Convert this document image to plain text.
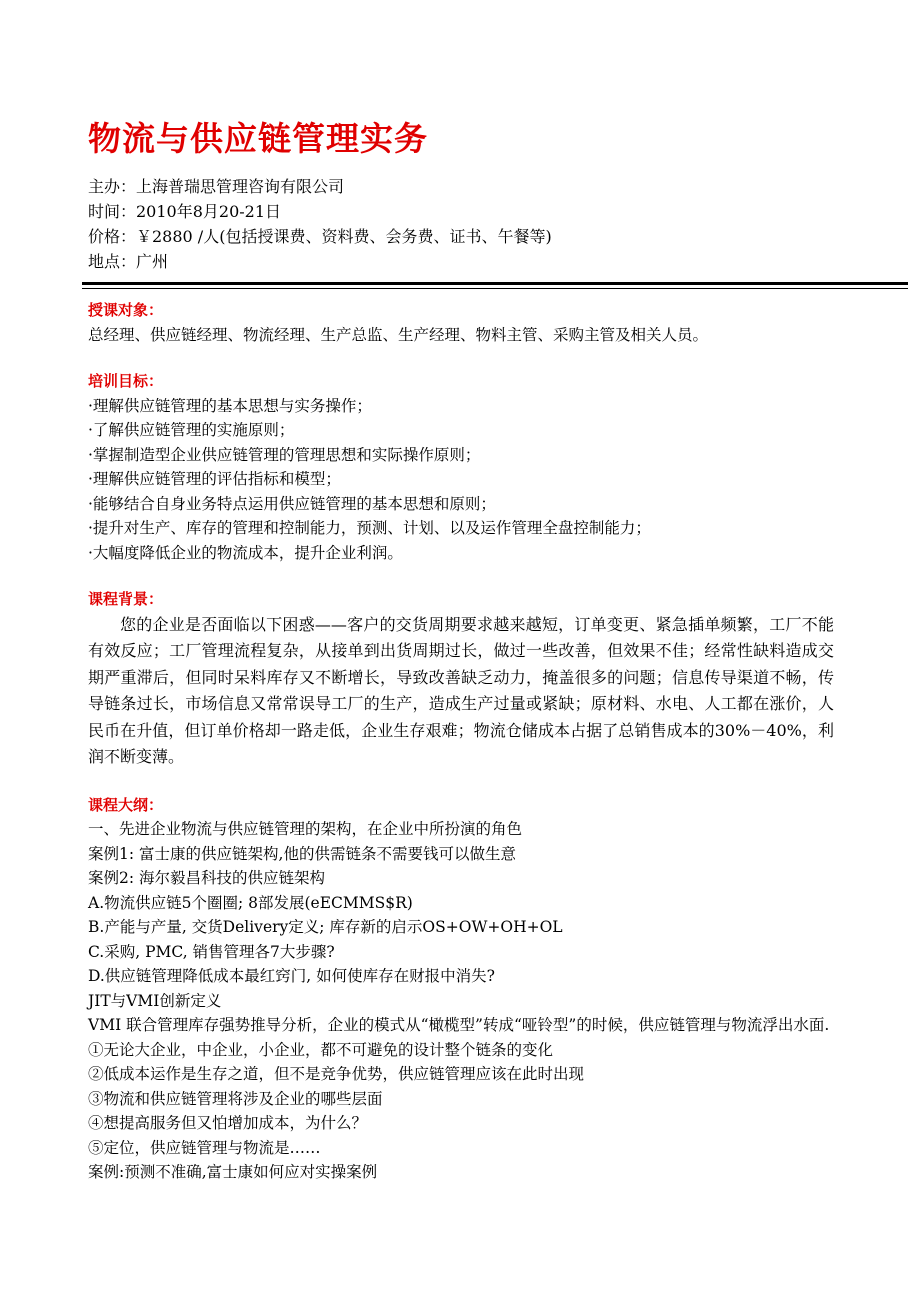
物流与供应链管理实务
主办：上海普瑞思管理咨询有限公司
时间：2010年8月20-21日
价格：￥2880 /人(包括授课费、资料费、会务费、证书、午餐等)
地点：广州
授课对象：
总经理、供应链经理、物流经理、生产总监、生产经理、物料主管、采购主管及相关人员。
培训目标：
·理解供应链管理的基本思想与实务操作；
·了解供应链管理的实施原则；
·掌握制造型企业供应链管理的管理思想和实际操作原则；
·理解供应链管理的评估指标和模型；
·能够结合自身业务特点运用供应链管理的基本思想和原则；
·提升对生产、库存的管理和控制能力，预测、计划、以及运作管理全盘控制能力；
·大幅度降低企业的物流成本，提升企业利润。
课程背景：

您的企业是否面临以下困惑——客户的交货周期要求越来越短，订单变更、紧急插单频繁，工厂不能有效反应；工厂管理流程复杂，从接单到出货周期过长，做过一些改善，但效果不佳；经常性缺料造成交期严重滞后，但同时呆料库存又不断增长，导致改善缺乏动力，掩盖很多的问题；信息传导渠道不畅，传导链条过长，市场信息又常常误导工厂的生产，造成生产过量或紧缺；原材料、水电、人工都在涨价，人民币在升值，但订单价格却一路走低，企业生存艰难；物流仓储成本占据了总销售成本的30%－40%，利润不断变薄。

课程大纲：
一、先进企业物流与供应链管理的架构，在企业中所扮演的角色
案例1: 富士康的供应链架构,他的供需链条不需要钱可以做生意
案例2: 海尔毅昌科技的供应链架构
A.物流供应链5个圈圈; 8部发展(eECMMS$R)
B.产能与产量, 交货Delivery定义; 库存新的启示OS+OW+OH+OL
C.采购, PMC, 销售管理各7大步骤?
D.供应链管理降低成本最红窍门, 如何使库存在财报中消失?
JIT与VMI创新定义
VMI 联合管理库存强势推导分析，企业的模式从“橄榄型”转成“哑铃型”的时候，供应链管理与物流浮出水面.
①无论大企业，中企业，小企业，都不可避免的设计整个链条的变化
②低成本运作是生存之道，但不是竞争优势，供应链管理应该在此时出现
③物流和供应链管理将涉及企业的哪些层面
④想提高服务但又怕增加成本，为什么？
⑤定位，供应链管理与物流是……
案例:预测不准确,富士康如何应对实操案例
